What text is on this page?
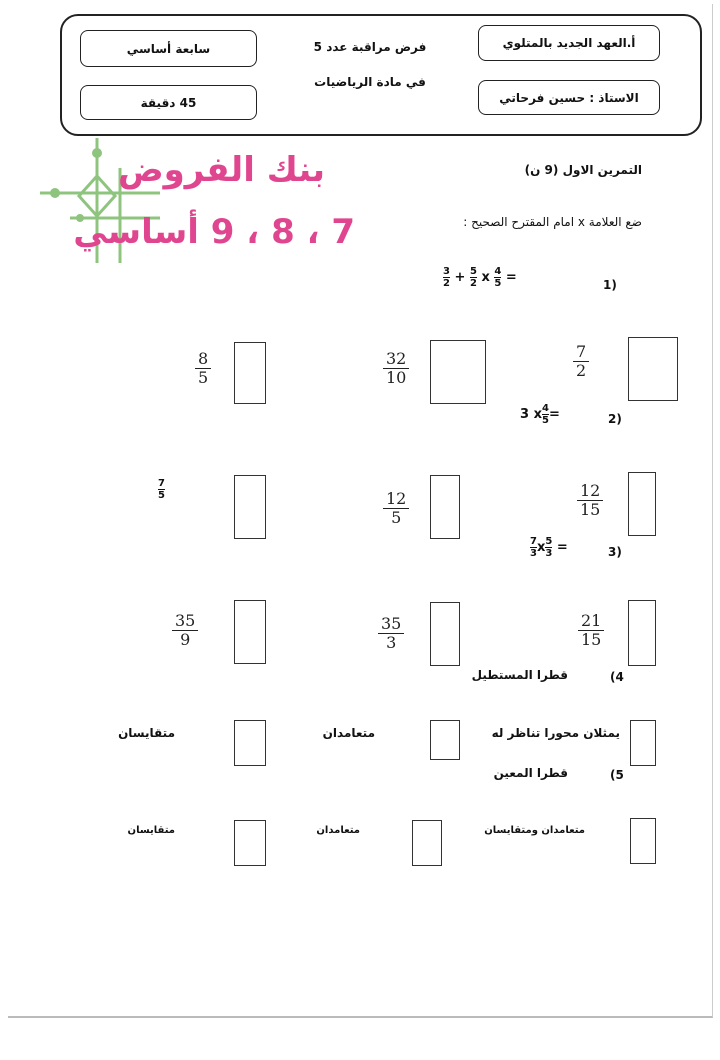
أ.العهد الجديد بالمتلوي
الاستاذ : حسين فرحاتي
سابعة أساسي
45 دقيقة
فرض مراقبة عدد 5
في مادة الرياضيات
بنك الفروض
7 ، 8 ، 9 أساسي
التمرين الاول (9 ن)
ضع العلامة x امام المقترح الصحيح :
(1
$\frac{3}{2} + \frac{5}{2}$ x $\frac{4}{5}$ =
7
2
32
10
8
5
(2
3 x $\frac{4}{5}$ =
12
15
12
5
$\frac{7}{5}$
(3
$\frac{7}{3}$ x $\frac{5}{3}$ =
21
15
35
3
35
9
4)
قطرا المستطيل
يمثلان محورا تناظر له
متعامدان
متقايسان
5)
قطرا المعين
متعامدان ومتقايسان
متعامدان
متقايسان
